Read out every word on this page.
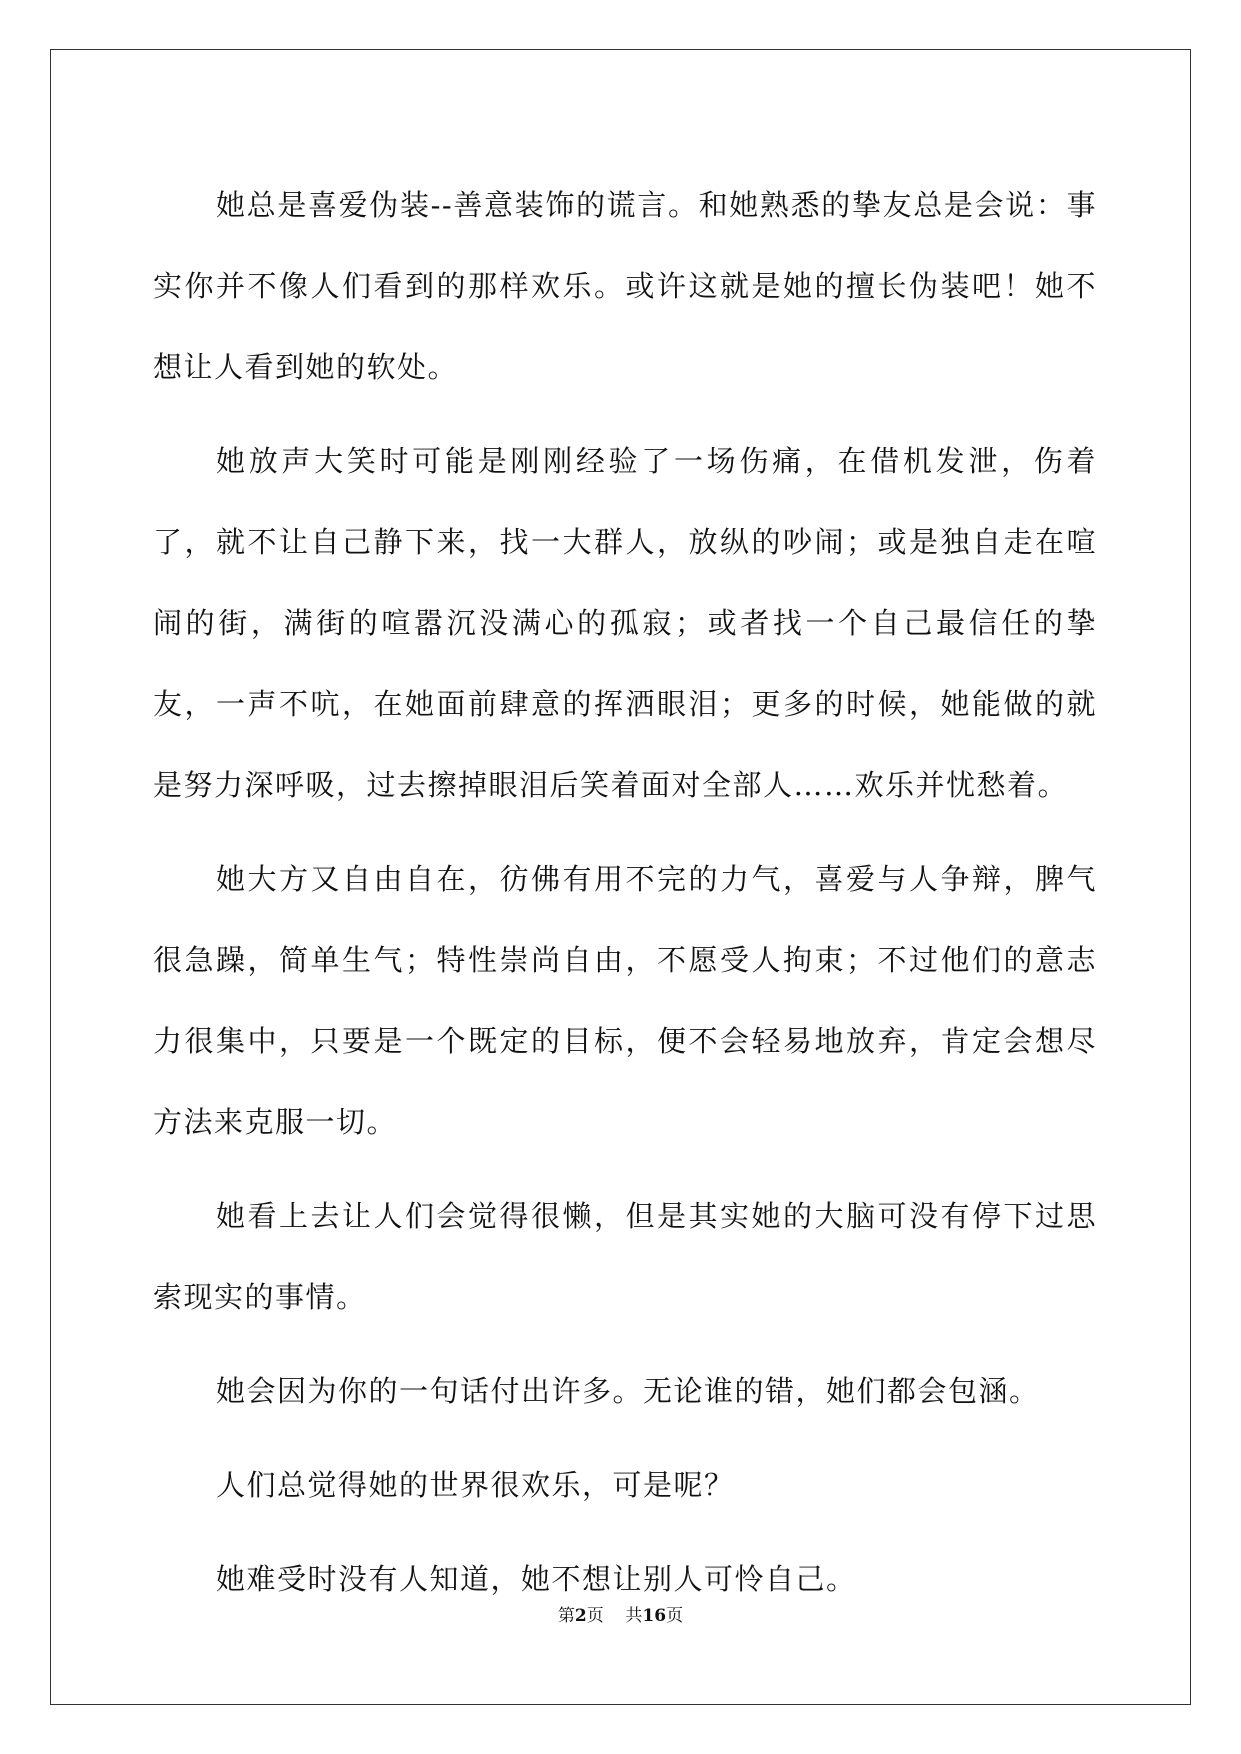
她总是喜爱伪装--善意装饰的谎言。和她熟悉的挚友总是会说：事实你并不像人们看到的那样欢乐。或许这就是她的擅长伪装吧！她不想让人看到她的软处。

她放声大笑时可能是刚刚经验了一场伤痛，在借机发泄，伤着了，就不让自己静下来，找一大群人，放纵的吵闹；或是独自走在喧闹的街，满街的喧嚣沉没满心的孤寂；或者找一个自己最信任的挚友，一声不吭，在她面前肆意的挥洒眼泪；更多的时候，她能做的就是努力深呼吸，过去擦掉眼泪后笑着面对全部人……欢乐并忧愁着。

她大方又自由自在，彷佛有用不完的力气，喜爱与人争辩，脾气很急躁，简单生气；特性崇尚自由，不愿受人拘束；不过他们的意志力很集中，只要是一个既定的目标，便不会轻易地放弃，肯定会想尽方法来克服一切。

她看上去让人们会觉得很懒，但是其实她的大脑可没有停下过思索现实的事情。

她会因为你的一句话付出许多。无论谁的错，她们都会包涵。

人们总觉得她的世界很欢乐，可是呢？

她难受时没有人知道，她不想让别人可怜自己。

第2页 共16页
